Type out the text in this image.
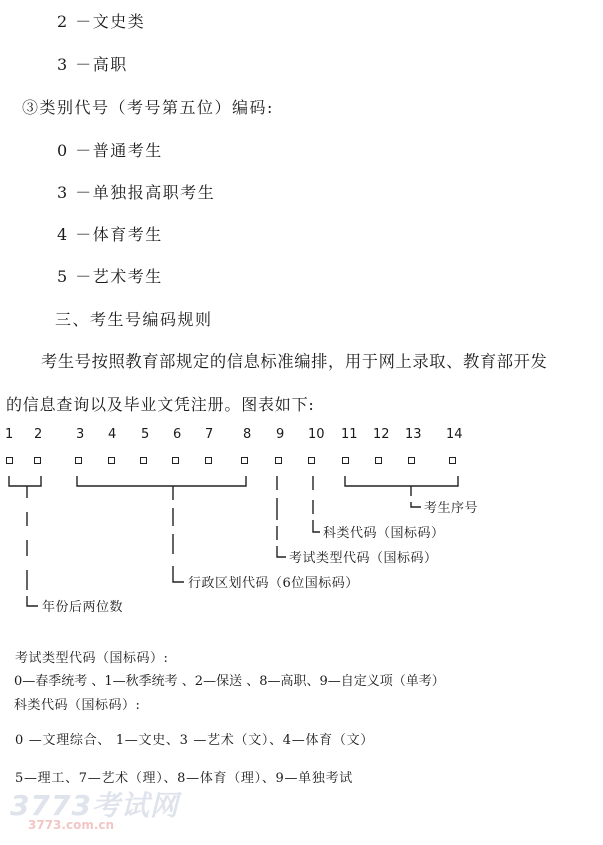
2 －文史类
3 －高职
③类别代号（考号第五位）编码:
0 －普通考生
3 －单独报高职考生
4 －体育考生
5 －艺术考生
三、考生号编码规则
考生号按照教育部规定的信息标准编排，用于网上录取、教育部开发
的信息查询以及毕业文凭注册。图表如下:
1 2	3 4 5 6 7 8 9 10 11 12 13 14
考生序号
科类代码（国标码）
考试类型代码（国标码）
行政区划代码（6位国标码）
年份后两位数
考试类型代码（国标码）:
0—春季统考 、1—秋季统考 、2—保送 、8—高职、9—自定义项（单考）
科类代码（国标码）:
0 —文理综合、 1—文史、3 —艺术（文）、4—体育（文）
5—理工、7—艺术（理）、8—体育（理）、9—单独考试
3773考试网
3773.com.cn
